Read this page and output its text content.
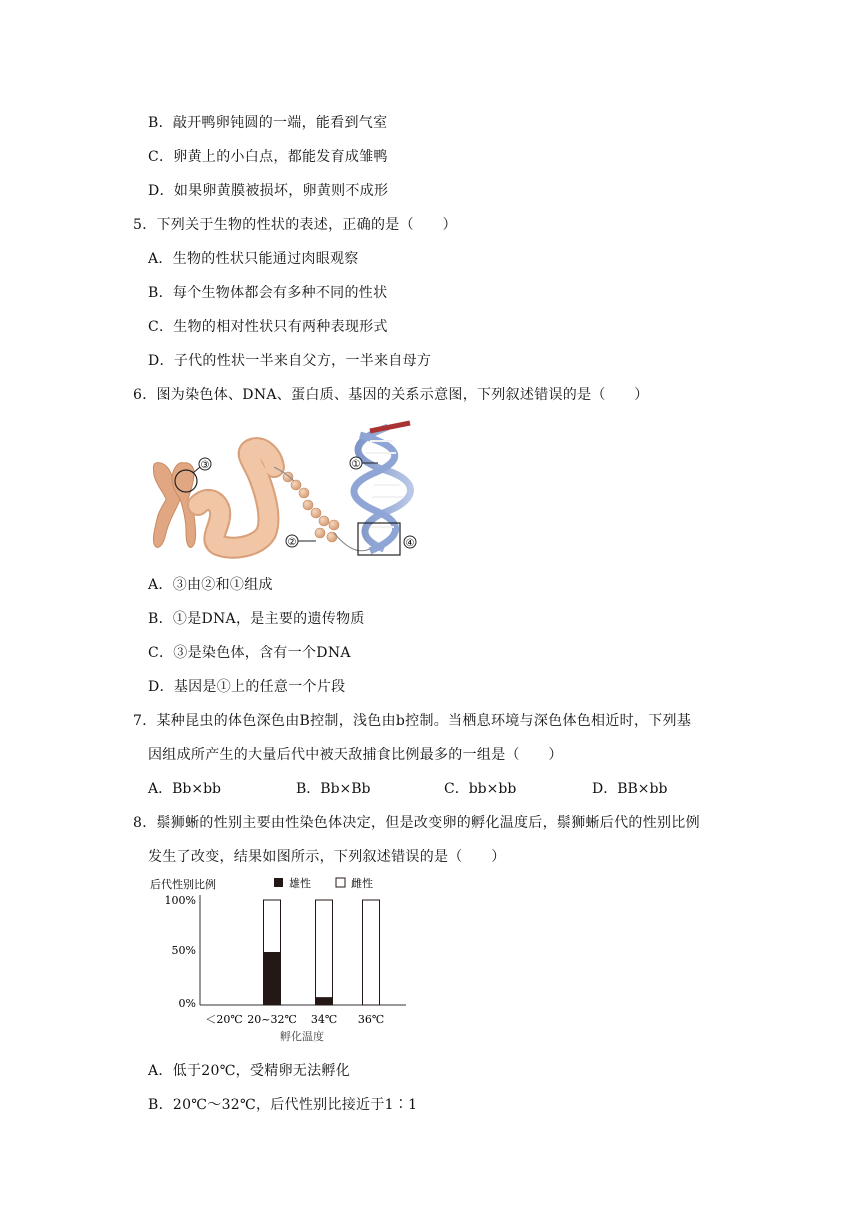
B．敲开鸭卵钝圆的一端，能看到气室
C．卵黄上的小白点，都能发育成雏鸭
D．如果卵黄膜被损坏，卵黄则不成形
5．下列关于生物的性状的表述，正确的是（　　）
A．生物的性状只能通过肉眼观察
B．每个生物体都会有多种不同的性状
C．生物的相对性状只有两种表现形式
D．子代的性状一半来自父方，一半来自母方
6．图为染色体、DNA、蛋白质、基因的关系示意图，下列叙述错误的是（　　）
③
②
①
④
A．③由②和①组成
B．①是DNA，是主要的遗传物质
C．③是染色体，含有一个DNA
D．基因是①上的任意一个片段
7．某种昆虫的体色深色由B控制，浅色由b控制。当栖息环境与深色体色相近时，下列基
因组成所产生的大量后代中被天敌捕食比例最多的一组是（　　）
A．Bb×bb	B．Bb×Bb	C．bb×bb	D．BB×bb
8．鬃狮蜥的性别主要由性染色体决定，但是改变卵的孵化温度后，鬃狮蜥后代的性别比例
发生了改变，结果如图所示，下列叙述错误的是（　　）
后代性别比例	雄性	雌性
100%
50%
0%
＜20℃ 20~32℃ 34℃ 36℃
孵化温度
A．低于20℃，受精卵无法孵化
B．20℃～32℃，后代性别比接近于1∶1
